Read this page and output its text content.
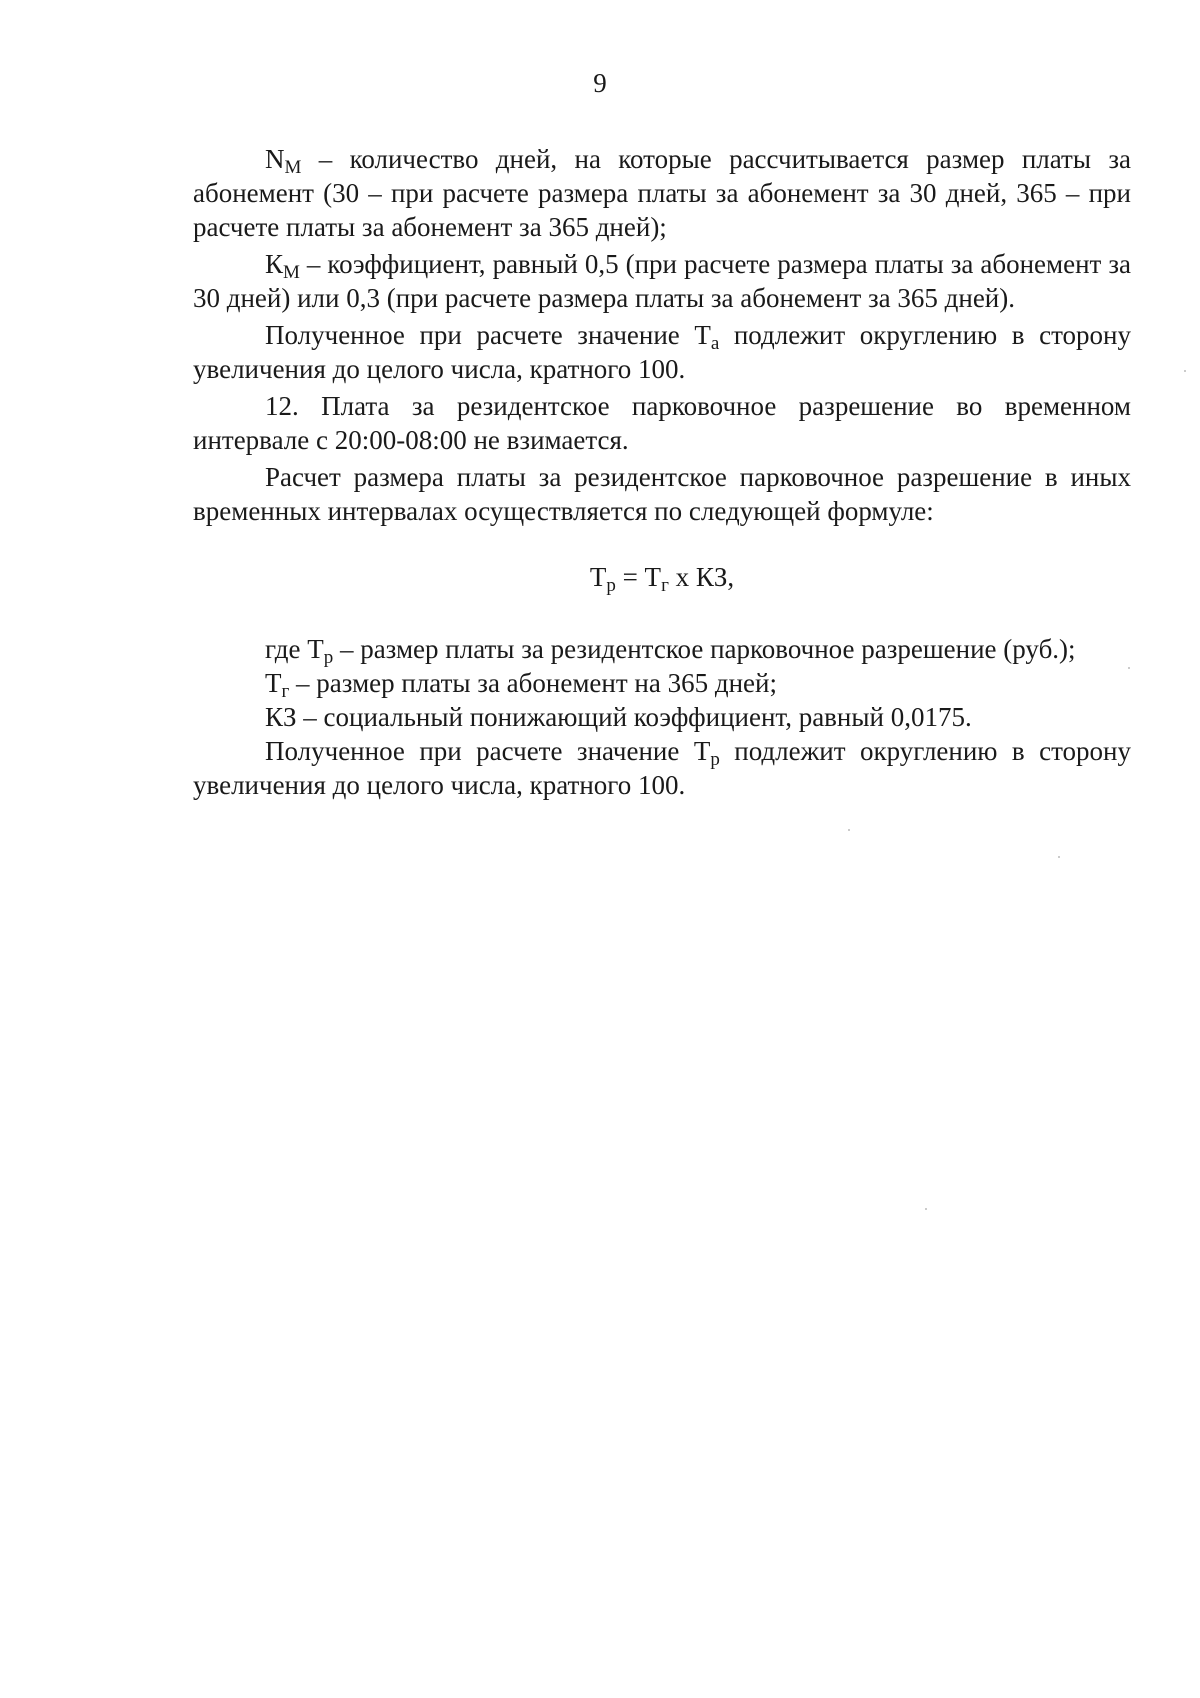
9

$N_М$ – количество дней, на которые рассчитывается размер платы за абонемент (30 – при расчете размера платы за абонемент за 30 дней, 365 – при расчете платы за абонемент за 365 дней);

$К_М$ – коэффициент, равный 0,5 (при расчете размера платы за абонемент за 30 дней) или 0,3 (при расчете размера платы за абонемент за 365 дней).

Полученное при расчете значение $Т_а$ подлежит округлению в сторону увеличения до целого числа, кратного 100.

12. Плата за резидентское парковочное разрешение во временном интервале с 20:00-08:00 не взимается.

Расчет размера платы за резидентское парковочное разрешение в иных временных интервалах осуществляется по следующей формуле:

$Т_р = Т_г$ х КЗ,

где $Т_р$ – размер платы за резидентское парковочное разрешение (руб.);

$Т_г$ – размер платы за абонемент на 365 дней;

КЗ – социальный понижающий коэффициент, равный 0,0175.

Полученное при расчете значение $Т_р$ подлежит округлению в сторону увеличения до целого числа, кратного 100.
